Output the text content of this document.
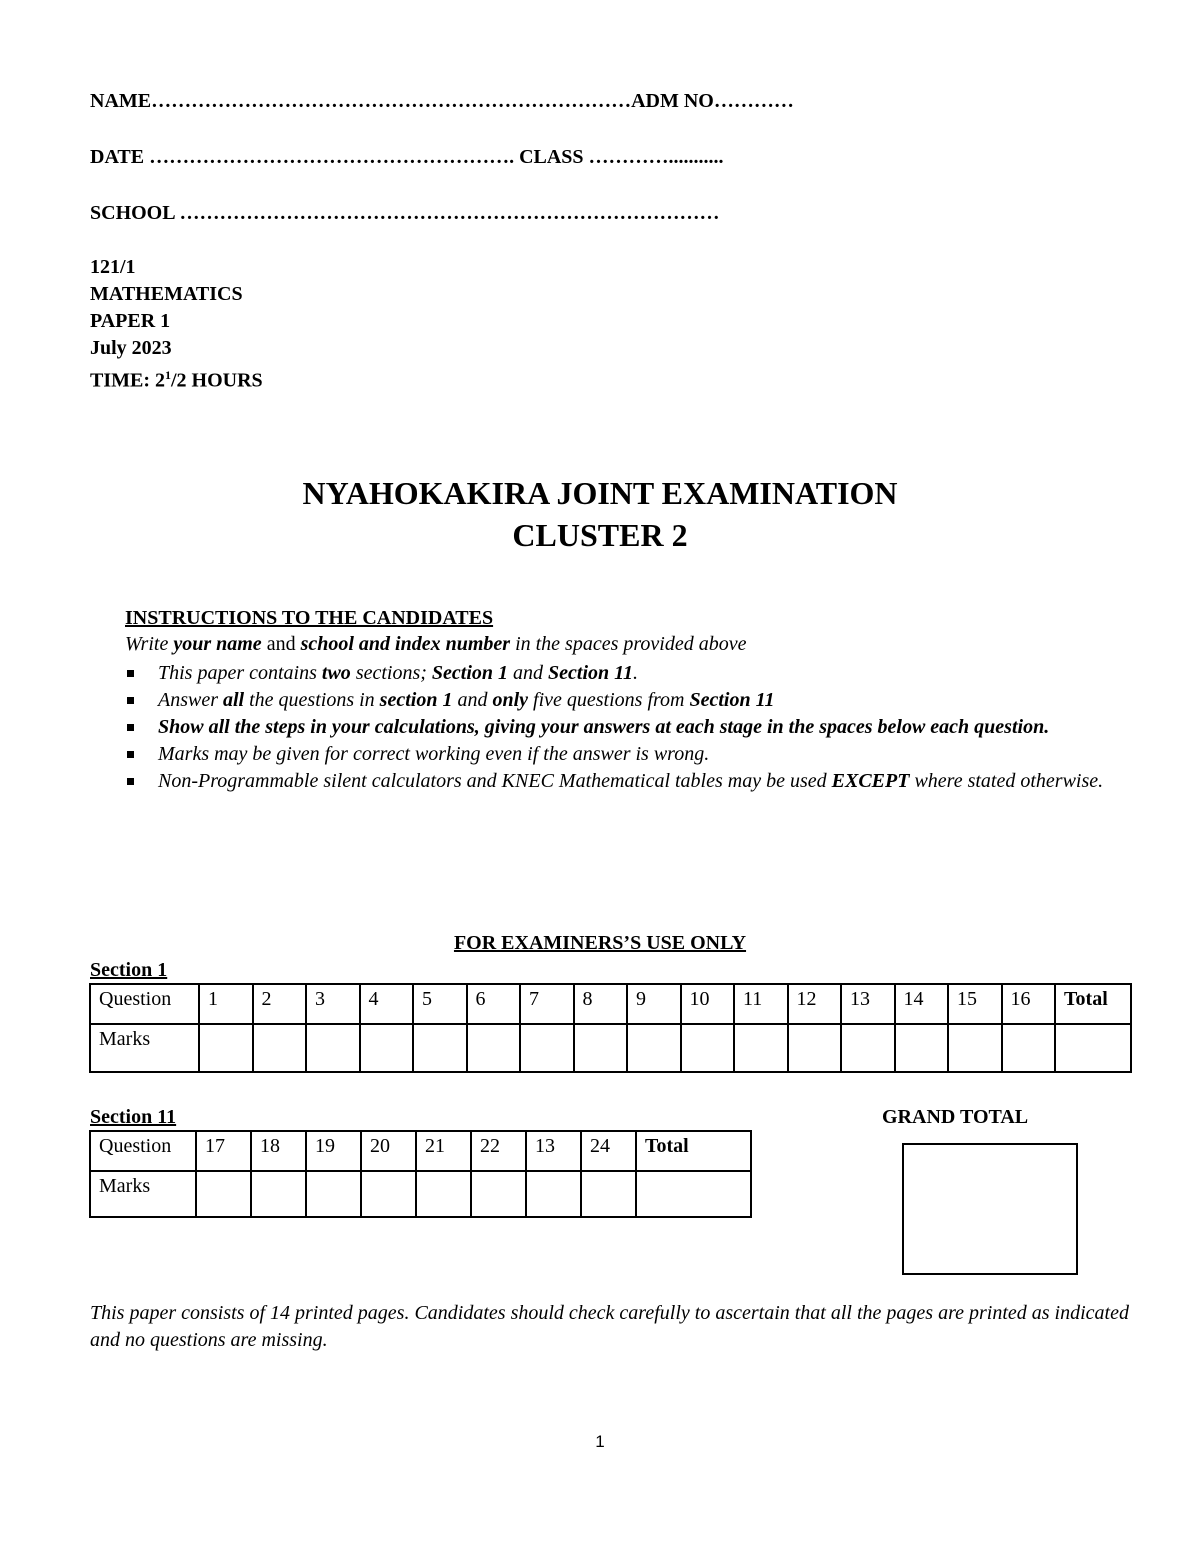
NAME………………………………………………………………ADM NO…………
DATE ………………………………………………. CLASS …………...........
SCHOOL ………………………………………………………………………
121/1
MATHEMATICS
PAPER 1
July 2023
TIME: $2^1/2$ HOURS
NYAHOKAKIRA JOINT EXAMINATION
CLUSTER 2
INSTRUCTIONS TO THE CANDIDATES
Write your name and school and index number in the spaces provided above
This paper contains two sections; Section 1 and Section 11.
Answer all the questions in section 1 and only five questions from Section 11
Show all the steps in your calculations, giving your answers at each stage in the spaces below each question.
Marks may be given for correct working even if the answer is wrong.
Non-Programmable silent calculators and KNEC Mathematical tables may be used EXCEPT where stated otherwise.
FOR EXAMINERS’S USE ONLY
Section 1
Question	1	2	3	4	5	6	7	8	9	10	11	12	13	14	15	16	Total
Marks																	
Section 11
Question	17	18	19	20	21	22	13	24	Total
Marks									
GRAND TOTAL
This paper consists of 14 printed pages. Candidates should check carefully to ascertain that all the pages are printed as indicated and no questions are missing.
1
